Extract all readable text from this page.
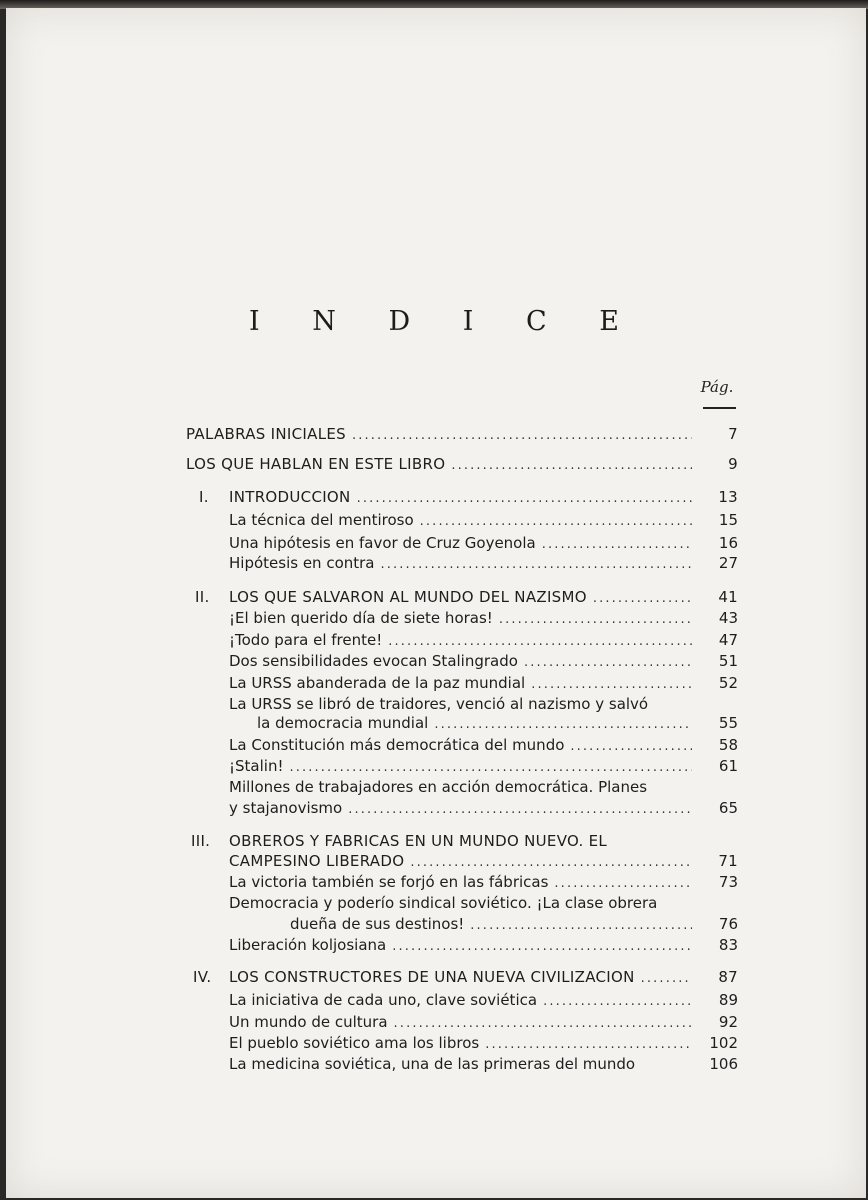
I N D I C E
Pág.
PALABRAS INICIALES . . .	7
LOS QUE HABLAN EN ESTE LIBRO . . .	9
I. INTRODUCCION . . .	13
La técnica del mentiroso . . .	15
Una hipótesis en favor de Cruz Goyenola . . .	16
Hipótesis en contra . . .	27
II. LOS QUE SALVARON AL MUNDO DEL NAZISMO . . .	41
¡El bien querido día de siete horas! . . .	43
¡Todo para el frente! . . .	47
Dos sensibilidades evocan Stalingrado . . .	51
La URSS abanderada de la paz mundial . . .	52
La URSS se libró de traidores, venció al nazismo y salvó
la democracia mundial . . .	55
La Constitución más democrática del mundo . . .	58
¡Stalin! . . .	61
Millones de trabajadores en acción democrática. Planes
y stajanovismo . . .	65
III. OBREROS Y FABRICAS EN UN MUNDO NUEVO. EL
CAMPESINO LIBERADO . . .	71
La victoria también se forjó en las fábricas . . .	73
Democracia y poderío sindical soviético. ¡La clase obrera
dueña de sus destinos! . . .	76
Liberación koljosiana . . .	83
IV. LOS CONSTRUCTORES DE UNA NUEVA CIVILIZACION . . .	87
La iniciativa de cada uno, clave soviética . . .	89
Un mundo de cultura . . .	92
El pueblo soviético ama los libros . . .	102
La medicina soviética, una de las primeras del mundo	106
